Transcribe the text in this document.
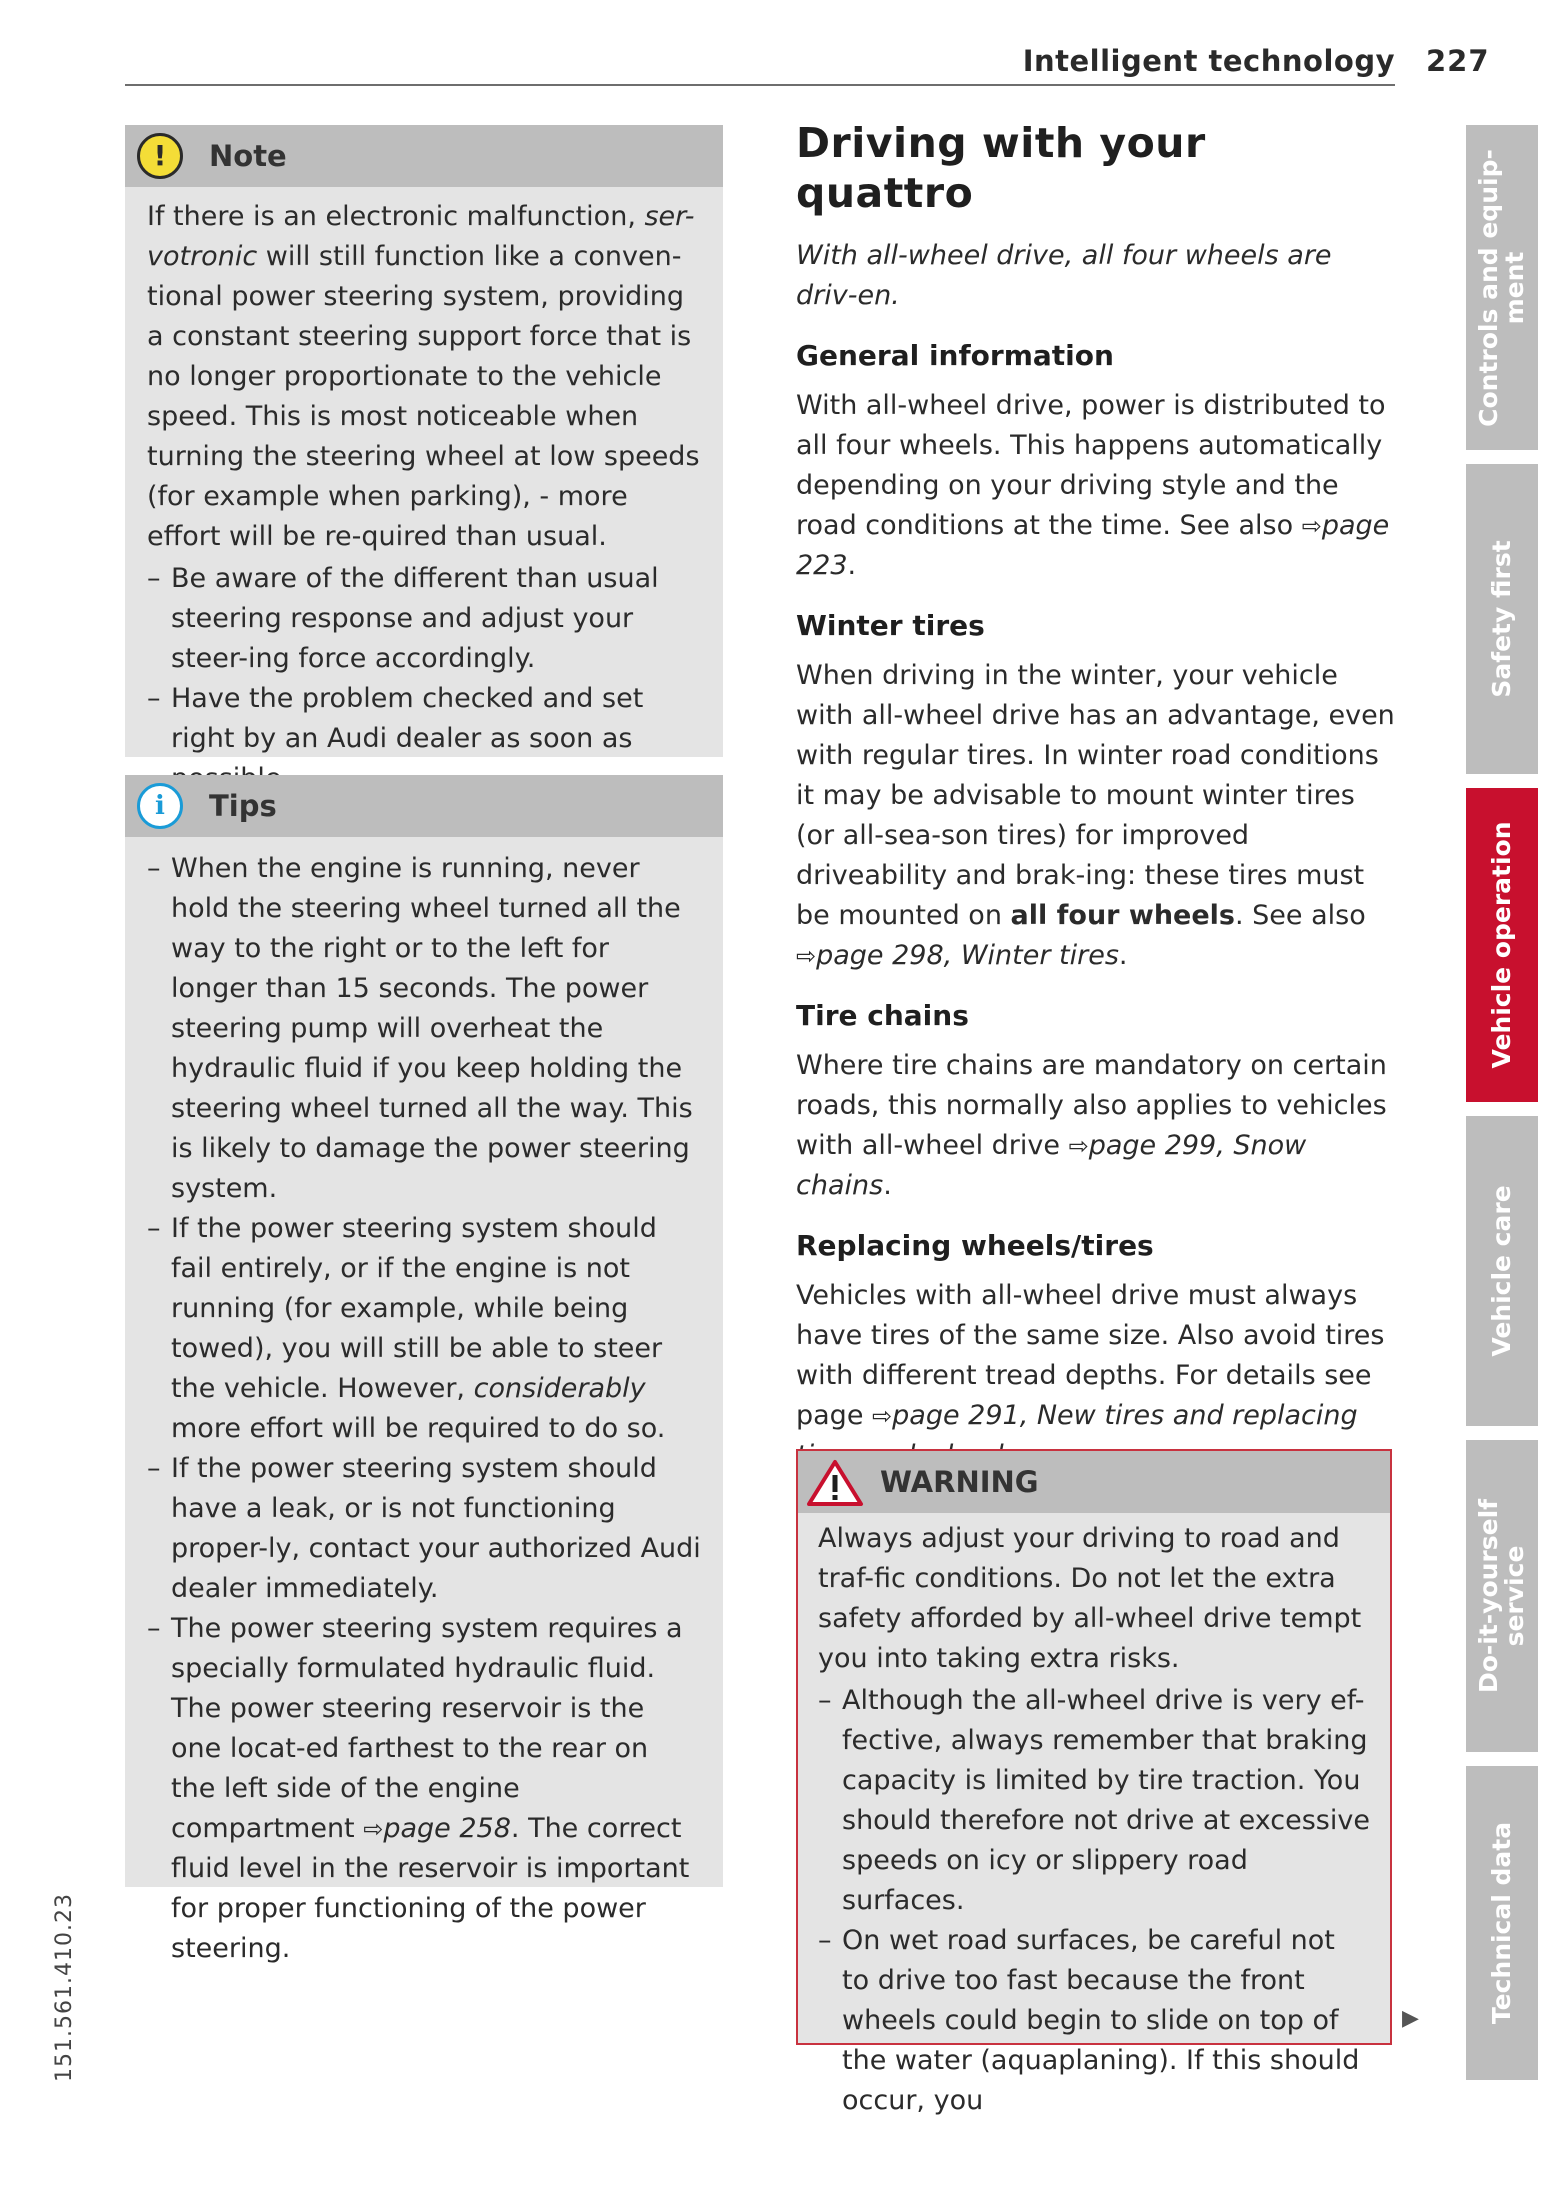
Intelligent technology 227
!	Note

If there is an electronic malfunction, ser-votronic will still function like a conven-tional power steering system, providing a constant steering support force that is no longer proportionate to the vehicle speed. This is most noticeable when turning the steering wheel at low speeds (for example when parking), - more effort will be re-quired than usual.

– Be aware of the different than usual steering response and adjust your steer-ing force accordingly.
– Have the problem checked and set right by an Audi dealer as soon as
i	Tips
– When the engine is running, never hold the steering wheel turned all the way to the right or to the left for longer than 15 seconds. The power steering pump will overheat the hydraulic fluid if you keep holding the steering wheel turned all the way. This is likely to damage the power steering system.
– If the power steering system should fail entirely, or if the engine is not running (for example, while being towed), you will still be able to steer the vehicle. However, considerably more effort will be required to do so.
– If the power steering system should have a leak, or is not functioning proper-ly, contact your authorized Audi dealer immediately.
– The power steering system requires a specially formulated hydraulic fluid. The power steering reservoir is the one locat-ed farthest to the rear on the left side of the engine compartment ⇨page 258. The correct fluid level in the reservoir is important for proper functioning of the power steering.
Driving with your quattro

With all-wheel drive, all four wheels are driv-en.

General information

With all-wheel drive, power is distributed to all four wheels. This happens automatically depending on your driving style and the road conditions at the time. See also ⇨page 223.

Winter tires

When driving in the winter, your vehicle with all-wheel drive has an advantage, even with regular tires. In winter road conditions it may be advisable to mount winter tires (or all-sea-son tires) for improved driveability and brak-ing: these tires must be mounted on all four wheels. See also ⇨page 298, Winter tires.

Tire chains

Where tire chains are mandatory on certain roads, this normally also applies to vehicles with all-wheel drive ⇨page 299, Snow chains.

Replacing wheels/tires

Vehicles with all-wheel drive must always have tires of the same size. Also avoid tires with different tread depths. For details see page ⇨page 291, New tires and replacing

WARNING

Always adjust your driving to road and traf-fic conditions. Do not let the extra safety afforded by all-wheel drive tempt you into taking extra risks.

– Although the all-wheel drive is very ef-fective, always remember that braking capacity is limited by tire traction. You should therefore not drive at excessive speeds on icy or slippery road surfaces.
– On wet road surfaces, be careful not to drive too fast because the front wheels could begin to slide on top of the water (aquaplaning). If this should occur, you
▶
151.561.410.23
Controls and equip-
ment
Safety first
Vehicle operation
Vehicle care
Do-it-yourself
service
Technical data
